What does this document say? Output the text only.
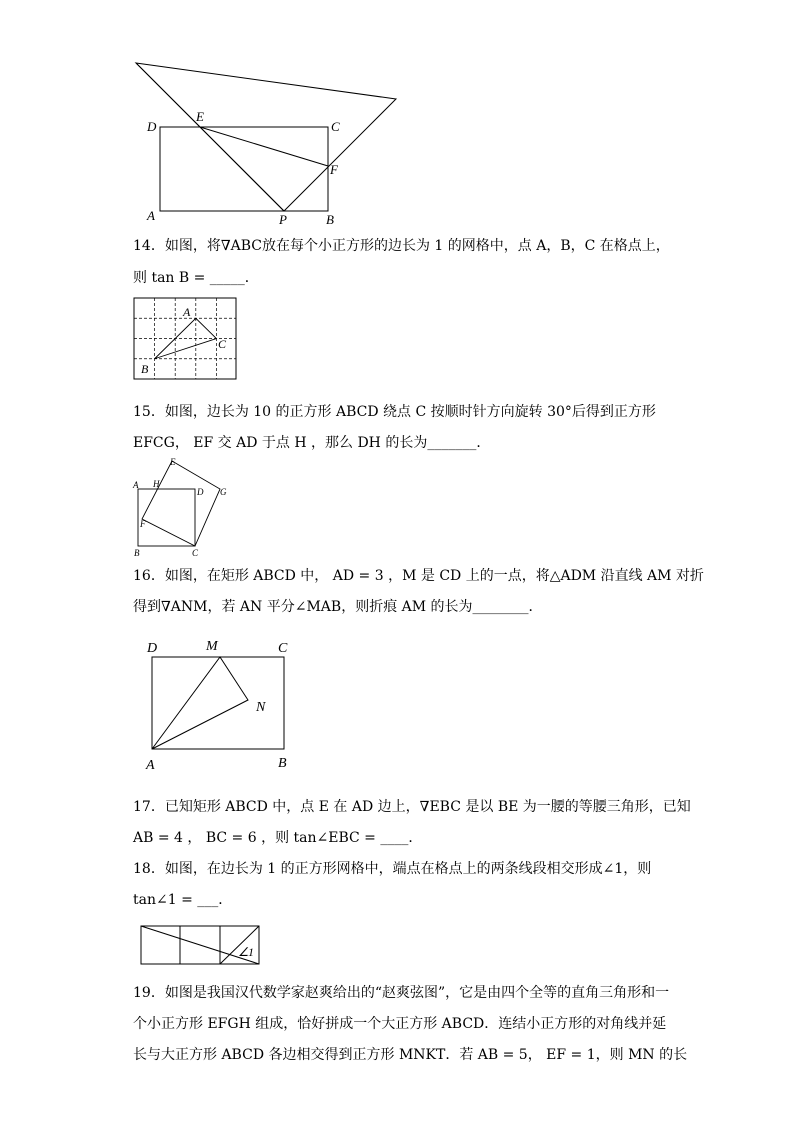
D
E
C
F
A	P	B
14．如图，将∇ABC放在每个小正方形的边长为 1 的网格中，点 A，B，C 在格点上，
则 tan B = _____．
A
C
B
15．如图，边长为 10 的正方形 ABCD 绕点 C 按顺时针方向旋转 30°后得到正方形
EFCG， EF 交 AD 于点 H ，那么 DH 的长为_______．
A H
E
D G
F
B	C
16．如图，在矩形 ABCD 中， AD = 3 ，M 是 CD 上的一点，将△ADM 沿直线 AM 对折
得到∇ANM，若 AN 平分∠MAB，则折痕 AM 的长为________．
D	M	C
N
A	B
17．已知矩形 ABCD 中，点 E 在 AD 边上，∇EBC 是以 BE 为一腰的等腰三角形，已知
AB = 4 ， BC = 6 ，则 tan∠EBC = ____．
18．如图，在边长为 1 的正方形网格中，端点在格点上的两条线段相交形成∠1，则
tan∠1 = ___．
∠ 1
19．如图是我国汉代数学家赵爽给出的“赵爽弦图”，它是由四个全等的直角三角形和一
个小正方形 EFGH 组成，恰好拼成一个大正方形 ABCD．连结小正方形的对角线并延
长与大正方形 ABCD 各边相交得到正方形 MNKT．若 AB = 5， EF = 1，则 MN 的长
